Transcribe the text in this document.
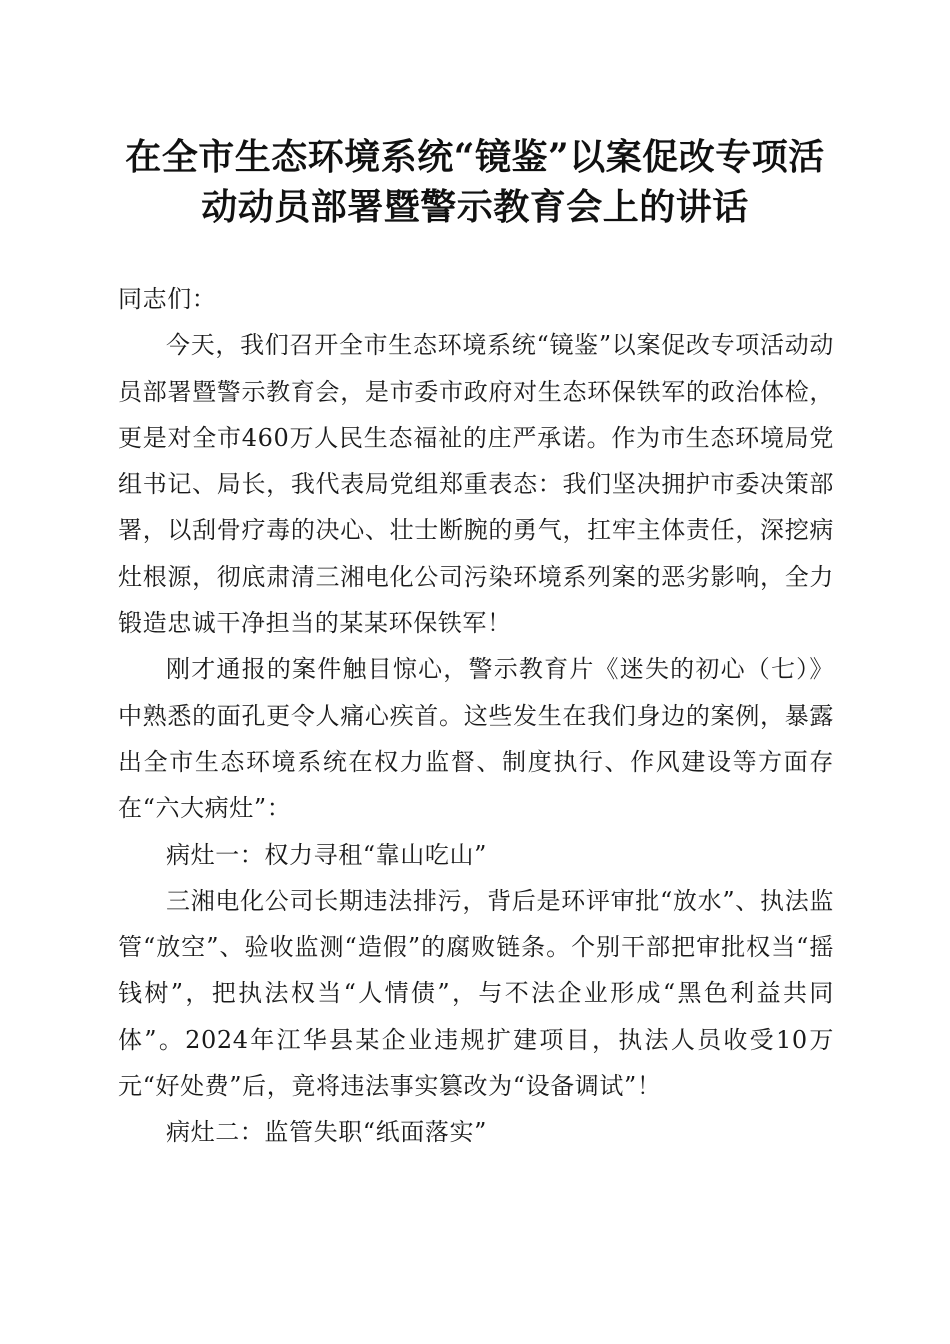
在全市生态环境系统“镜鉴”以案促改专项活
动动员部署暨警示教育会上的讲话

同志们：

今天，我们召开全市生态环境系统“镜鉴”以案促改专项活动动员部署暨警示教育会，是市委市政府对生态环保铁军的政治体检，更是对全市460万人民生态福祉的庄严承诺。作为市生态环境局党组书记、局长，我代表局党组郑重表态：我们坚决拥护市委决策部署，以刮骨疗毒的决心、壮士断腕的勇气，扛牢主体责任，深挖病灶根源，彻底肃清三湘电化公司污染环境系列案的恶劣影响，全力锻造忠诚干净担当的某某环保铁军！

刚才通报的案件触目惊心，警示教育片《迷失的初心（七）》中熟悉的面孔更令人痛心疾首。这些发生在我们身边的案例，暴露出全市生态环境系统在权力监督、制度执行、作风建设等方面存在“六大病灶”：

病灶一：权力寻租“靠山吃山”

三湘电化公司长期违法排污，背后是环评审批“放水”、执法监管“放空”、验收监测“造假”的腐败链条。个别干部把审批权当“摇钱树”，把执法权当“人情债”，与不法企业形成“黑色利益共同体”。2024年江华县某企业违规扩建项目，执法人员收受10万元“好处费”后，竟将违法事实篡改为“设备调试”！

病灶二：监管失职“纸面落实”
